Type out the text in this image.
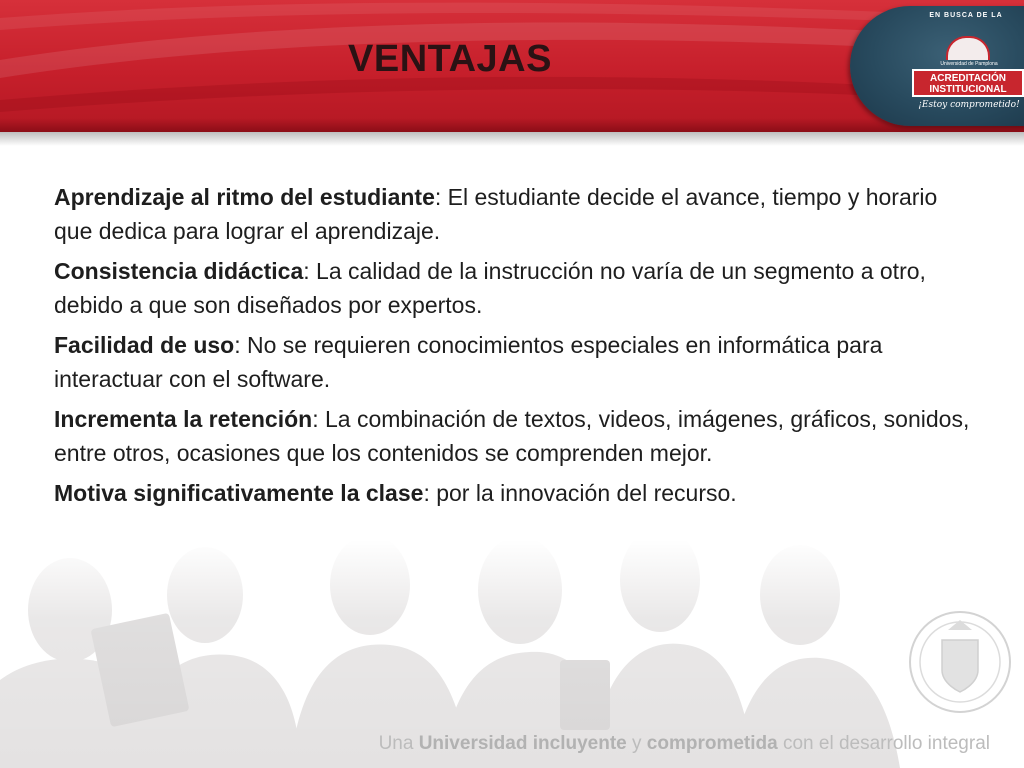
VENTAJAS
EN BUSCA DE LA
Universidad de Pamplona
ACREDITACIÓN
INSTITUCIONAL
¡Estoy comprometido!

Aprendizaje al ritmo del estudiante: El estudiante decide el avance, tiempo y horario que dedica para lograr el aprendizaje.

Consistencia didáctica: La calidad de la instrucción no varía de un segmento a otro, debido a que son diseñados por expertos.

Facilidad de uso: No se requieren conocimientos especiales en informática para interactuar con el software.

Incrementa la retención: La combinación de textos, videos, imágenes, gráficos, sonidos, entre otros, ocasiones que los contenidos se comprenden mejor.

Motiva significativamente la clase: por la innovación del recurso.

Una Universidad incluyente y comprometida con el desarrollo integral
